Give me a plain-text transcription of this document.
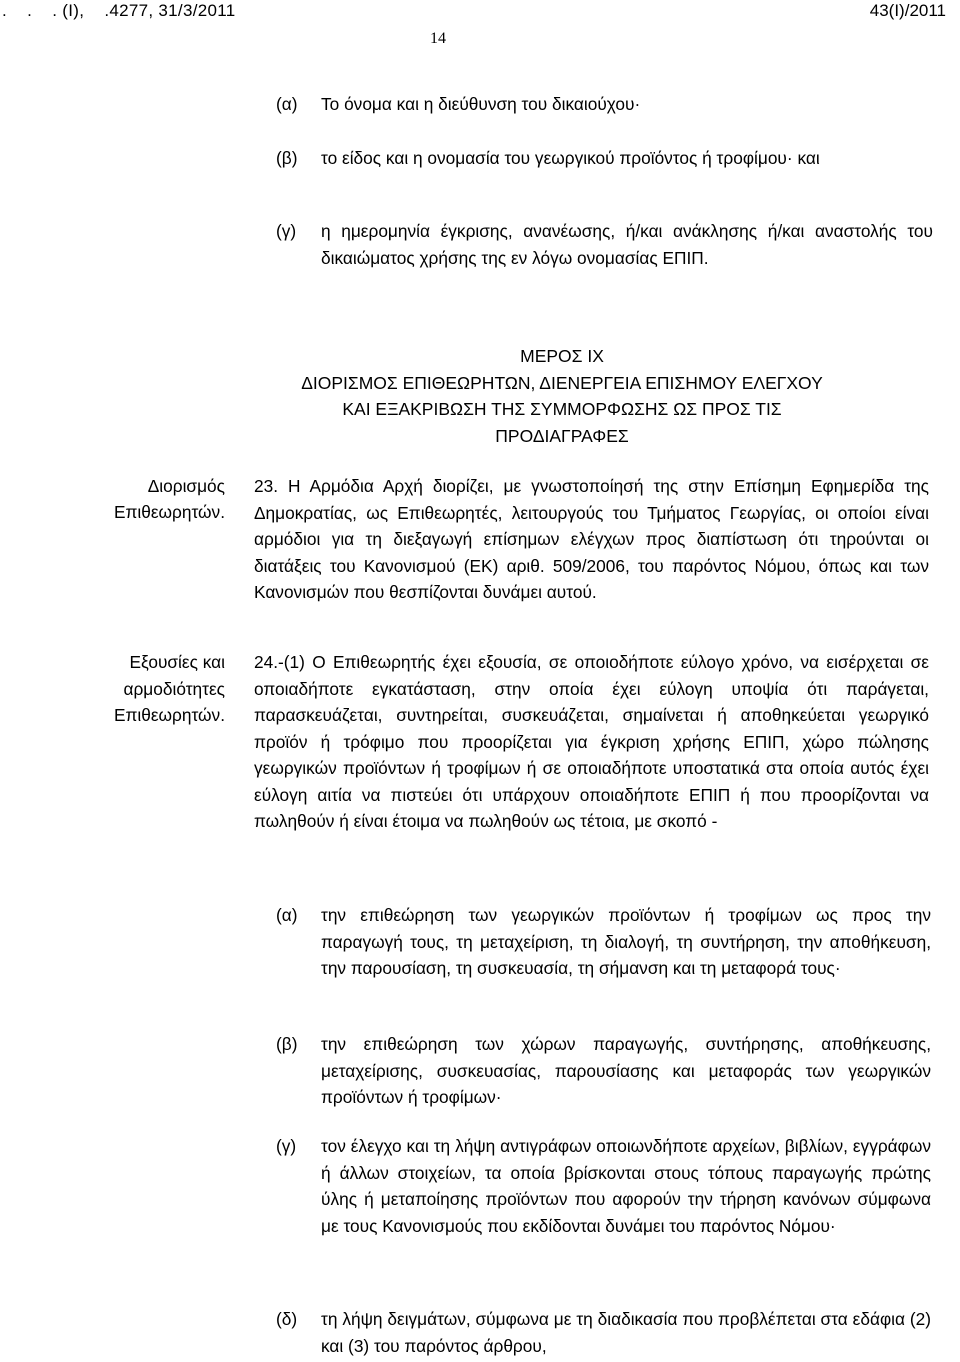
.    .    . (Ι),    .4277, 31/3/2011	43(Ι)/2011
14
(α) Το όνομα και η διεύθυνση του δικαιούχου·
(β) το είδος και η ονομασία του γεωργικού προϊόντος ή τροφίμου· και
(γ) η ημερομηνία έγκρισης, ανανέωσης, ή/και ανάκλησης ή/και αναστολής του δικαιώματος χρήσης της εν λόγω ονομασίας ΕΠΙΠ.
ΜΕΡΟΣ ΙΧ
ΔΙΟΡΙΣΜΟΣ ΕΠΙΘΕΩΡΗΤΩΝ, ΔΙΕΝΕΡΓΕΙΑ ΕΠΙΣΗΜΟΥ ΕΛΕΓΧΟΥ
ΚΑΙ ΕΞΑΚΡΙΒΩΣΗ ΤΗΣ ΣΥΜΜΟΡΦΩΣΗΣ ΩΣ ΠΡΟΣ ΤΙΣ
ΠΡΟΔΙΑΓΡΑΦΕΣ
Διορισμός
Επιθεωρητών.
23. Η Αρμόδια Αρχή διορίζει, με γνωστοποίησή της στην Επίσημη Εφημερίδα της Δημοκρατίας, ως Επιθεωρητές, λειτουργούς του Τμήματος Γεωργίας, οι οποίοι είναι αρμόδιοι για τη διεξαγωγή επίσημων ελέγχων προς διαπίστωση ότι τηρούνται οι διατάξεις του Κανονισμού (ΕΚ) αριθ. 509/2006, του παρόντος Νόμου, όπως και των Κανονισμών που θεσπίζονται δυνάμει αυτού.
Εξουσίες και
αρμοδιότητες
Επιθεωρητών.
24.-(1) Ο Επιθεωρητής έχει εξουσία, σε οποιοδήποτε εύλογο χρόνο, να εισέρχεται σε οποιαδήποτε εγκατάσταση, στην οποία έχει εύλογη υποψία ότι παράγεται, παρασκευάζεται, συντηρείται, συσκευάζεται, σημαίνεται ή αποθηκεύεται γεωργικό προϊόν ή τρόφιμο που προορίζεται για έγκριση χρήσης ΕΠΙΠ, χώρο πώλησης γεωργικών προϊόντων ή τροφίμων ή σε οποιαδήποτε υποστατικά στα οποία αυτός έχει εύλογη αιτία να πιστεύει ότι υπάρχουν οποιαδήποτε ΕΠΙΠ ή που προορίζονται να πωληθούν ή είναι έτοιμα να πωληθούν ως τέτοια, με σκοπό -
(α) την επιθεώρηση των γεωργικών προϊόντων ή τροφίμων ως προς την παραγωγή τους, τη μεταχείριση, τη διαλογή, τη συντήρηση, την αποθήκευση, την παρουσίαση, τη συσκευασία, τη σήμανση και τη μεταφορά τους·
(β) την επιθεώρηση των χώρων παραγωγής, συντήρησης, αποθήκευσης, μεταχείρισης, συσκευασίας, παρουσίασης και μεταφοράς των γεωργικών προϊόντων ή τροφίμων·
(γ) τον έλεγχο και τη λήψη αντιγράφων οποιωνδήποτε αρχείων, βιβλίων, εγγράφων ή άλλων στοιχείων, τα οποία βρίσκονται στους τόπους παραγωγής πρώτης ύλης ή μεταποίησης προϊόντων που αφορούν την τήρηση κανόνων σύμφωνα με τους Κανονισμούς που εκδίδονται δυνάμει του παρόντος Νόμου·
(δ) τη λήψη δειγμάτων, σύμφωνα με τη διαδικασία που προβλέπεται στα εδάφια (2) και (3) του παρόντος άρθρου,
